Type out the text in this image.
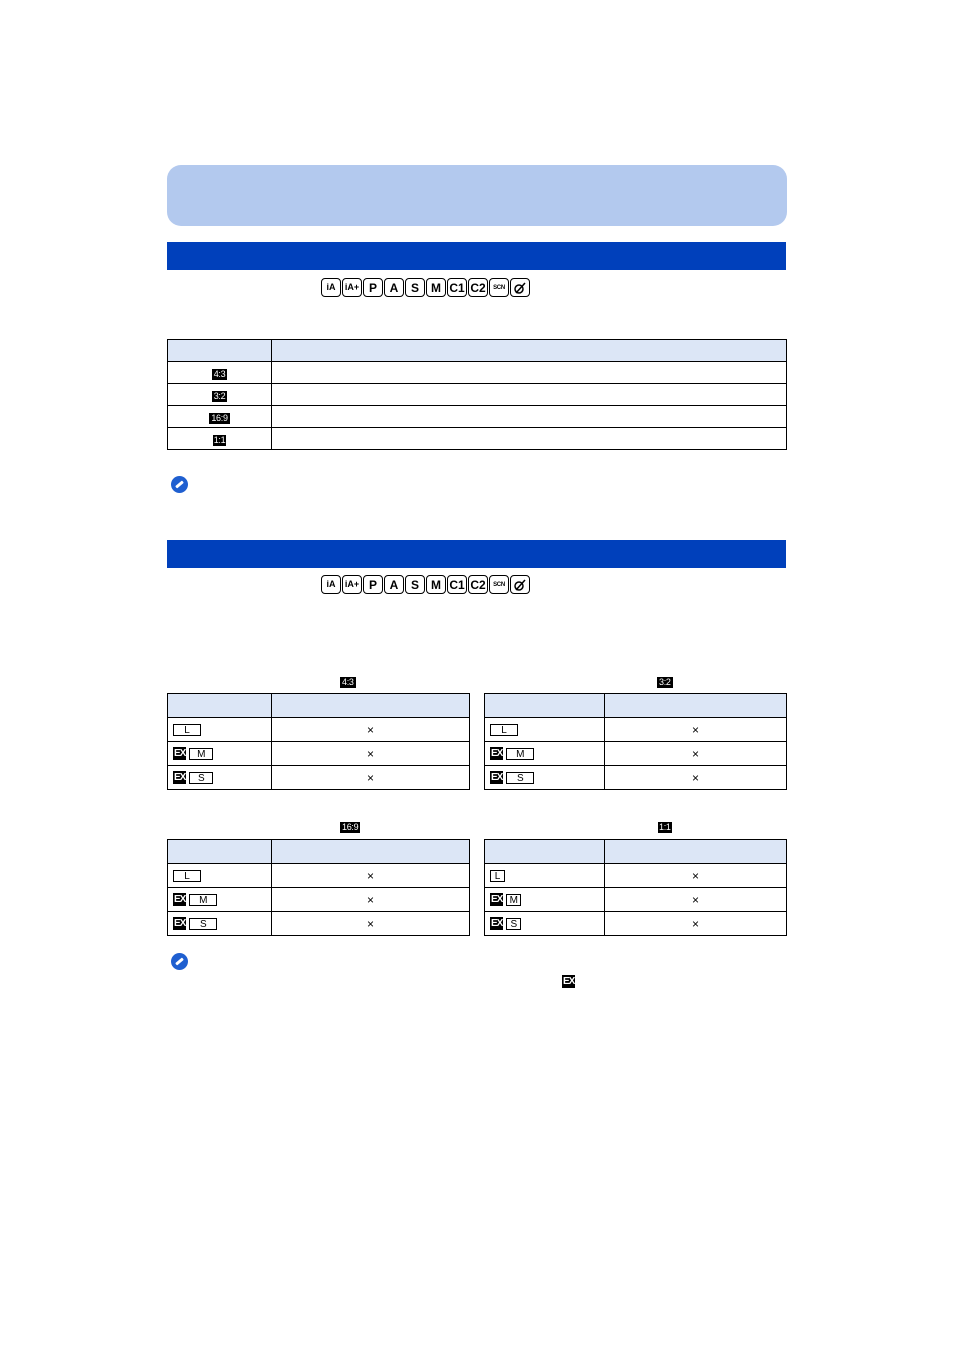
iA	iA+ P	A	S	M C1 C2	SCN

4:3	
3:2	
16:9	
1:1	
iA	iA+ P	A	S	M C1 C2	SCN
4:3	3:2
16:9	1:1

L	×

EX M	×

EX S	×

L	×

EX M	×

EX S	×

L	×

EX M	×

EX S	×

L	×

EX M	×

EX S	×
EX
